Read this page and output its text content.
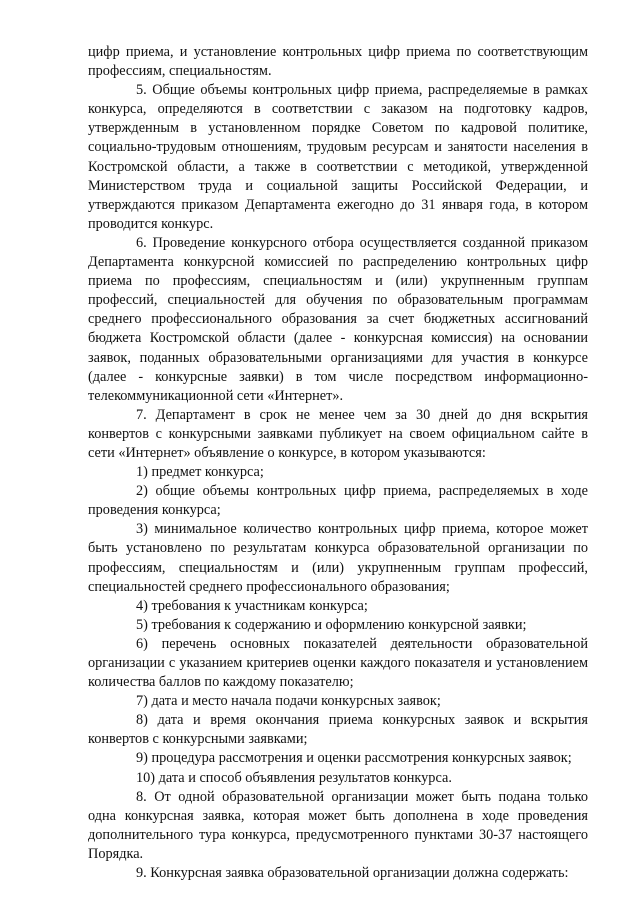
цифр приема, и установление контрольных цифр приема по соответствующим профессиям, специальностям.

5. Общие объемы контрольных цифр приема, распределяемые в рамках конкурса, определяются в соответствии с заказом на подготовку кадров, утвержденным в установленном порядке Советом по кадровой политике, социально-трудовым отношениям, трудовым ресурсам и занятости населения в Костромской области, а также в соответствии с методикой, утвержденной Министерством труда и социальной защиты Российской Федерации, и утверждаются приказом Департамента ежегодно до 31 января года, в котором проводится конкурс.

6. Проведение конкурсного отбора осуществляется созданной приказом Департамента конкурсной комиссией по распределению контрольных цифр приема по профессиям, специальностям и (или) укрупненным группам профессий, специальностей для обучения по образовательным программам среднего профессионального образования за счет бюджетных ассигнований бюджета Костромской области (далее - конкурсная комиссия) на основании заявок, поданных образовательными организациями для участия в конкурсе (далее - конкурсные заявки) в том числе посредством информационно-телекоммуникационной сети «Интернет».

7. Департамент в срок не менее чем за 30 дней до дня вскрытия конвертов с конкурсными заявками публикует на своем официальном сайте в сети «Интернет» объявление о конкурсе, в котором указываются:

1) предмет конкурса;

2) общие объемы контрольных цифр приема, распределяемых в ходе проведения конкурса;

3) минимальное количество контрольных цифр приема, которое может быть установлено по результатам конкурса образовательной организации по профессиям, специальностям и (или) укрупненным группам профессий, специальностей среднего профессионального образования;

4) требования к участникам конкурса;

5) требования к содержанию и оформлению конкурсной заявки;

6) перечень основных показателей деятельности образовательной организации с указанием критериев оценки каждого показателя и установлением количества баллов по каждому показателю;

7) дата и место начала подачи конкурсных заявок;

8) дата и время окончания приема конкурсных заявок и вскрытия конвертов с конкурсными заявками;

9) процедура рассмотрения и оценки рассмотрения конкурсных заявок;

10) дата и способ объявления результатов конкурса.

8. От одной образовательной организации может быть подана только одна конкурсная заявка, которая может быть дополнена в ходе проведения дополнительного тура конкурса, предусмотренного пунктами 30-37 настоящего Порядка.

9. Конкурсная заявка образовательной организации должна содержать:
